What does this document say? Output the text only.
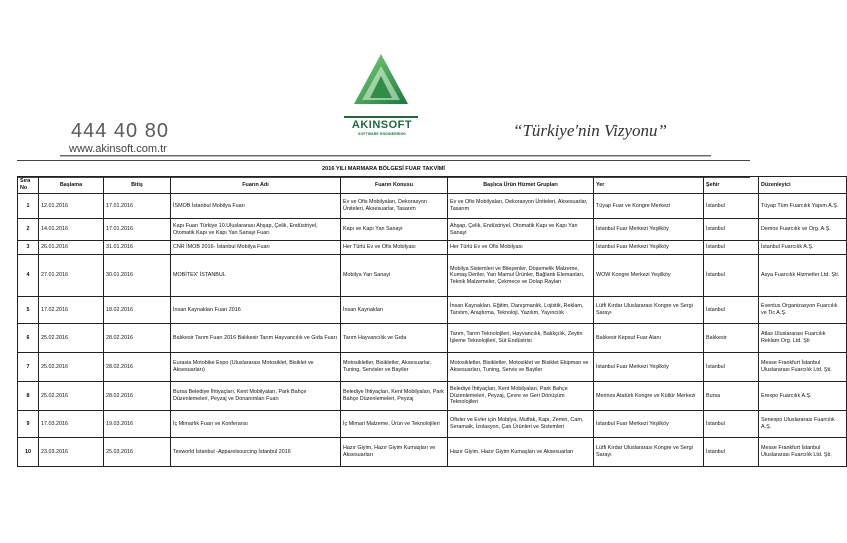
AKINSOFT
SOFTWARE ENGINEERING
444 40 80
www.akinsoft.com.tr
“Türkiye'nin Vizyonu”
2016 YILI MARMARA BÖLGESİ FUAR TAKVİMİ
Sıra No	Başlama	Bitiş	Fuarın Adı	Fuarın Konusu	Başlıca Ürün Hizmet Grupları	Yer	Şehir	Düzenleyici
1	12.01.2016	17.01.2016	İSMOB İstanbul Mobilya Fuarı	Ev ve Ofis Mobilyaları, Dekorasyon Üniteleri, Aksesuarlar, Tasarım	Ev ve Ofis Mobilyaları, Dekorasyon Üniteleri, Aksesuarlar, Tasarım	Tüyap Fuar ve Kongre Merkezi	İstanbul	Tüyap Tüm Fuarcılık Yapım A.Ş.
2	14.01.2016	17.01.2016	Kapı Fuarı Türkiye 10.Uluslararası Ahşap, Çelik, Endüstriyel, Otomatik Kapı ve Kapı Yan Sanayi Fuarı	Kapı ve Kapı Yan Sanayi	Ahşap, Çelik, Endüstriyel, Otomatik Kapı ve Kapı Yan Sanayi	İstanbul Fuar Merkezi Yeşilköy	İstanbul	Demos Fuarcılık ve Org. A.Ş.
3	26.01.2016	31.01.2016	CNR İMOB 2016- İstanbul Mobilya Fuarı	Her Türlü Ev ve Ofis Mobilyası	Her Türlü Ev ve Ofis Mobilyası	İstanbul Fuar Merkezi Yeşilköy	İstanbul	İstanbul Fuarcılık A.Ş.
4	27.01.2016	30.01.2016	MOBİTEX' İSTANBUL	Mobilya Yan Sanayi	Mobilya Sistemleri ve Bileşenler, Döşemelik Malzeme, Kumaş Deriler, Yarı Mamul Ürünler, Bağlantı Elemanları, Teknik Malzemeler, Çekmece ve Dolap Rayları	WOW Kongre Merkezi Yeşilköy	İstanbul	Asya Fuarcılık Hizmetler Ltd. Şti.
5	17.02.2016	18.02.2016	İnsan Kaynakları Fuarı 2016	İnsan Kaynakları	İnsan Kaynakları, Eğitim, Danışmanlık, Lojistik, Reklam, Tanıtım, Araştırma, Teknoloji, Yazılım, Yayıncılık	Lütfi Kırdar Uluslararası Kongre ve Sergi Sarayı	İstanbul	Eventus Organizasyon Fuarcılık ve Tic A.Ş.
6	25.02.2016	28.02.2016	Balıkesir Tarım Fuarı 2016 Balıkesir Tarım Hayvancılık ve Gıda Fuarı	Tarım Hayvancılık ve Gıda	Tarım, Tarım Teknolojileri, Hayvancılık, Balıkçılık, Zeytin İşleme Teknolojileri, Süt Endüstrisi	Balıkesir Kepsut Fuar Alanı	Balıkesir	Atlas Uluslararası Fuarcılık Reklam Org. Ltd. Şti
7	25.02.2016	28.02.2016	Eurasia Motobike Expo (Uluslararası Motosiklet, Bisiklet ve Aksesuarları)	Motosikletler, Bisikletler, Aksesuarlar, Tuning, Servisler ve Bayiler	Motosikletler, Bisikletler, Motosiklet ve Bisiklet Ekipman ve Aksesuarları, Tuning, Servis ve Bayiler	İstanbul Fuar Merkezi Yeşilköy	İstanbul	Messe Frankfurt İstanbul Uluslararası Fuarcılık Ltd. Şti.
8	25.02.2016	28.02.2016	Bursa Belediye İhtiyaçları, Kent Mobilyaları, Park Bahçe Düzenlemeleri, Peyzaj ve Donanımları Fuarı	Belediye İhtiyaçları, Kent Mobilyaları, Park Bahçe Düzenlemeleri, Peyzaj	Belediye İhtiyaçları, Kent Mobilyaları, Park Bahçe Düzenlemeleri, Peyzaj, Çevre ve Geri Dönüşüm Teknolojileri	Merinos Atatürk Kongre ve Kültür Merkezi	Bursa	Erexpo Fuarcılık A.Ş.
9	17.03.2016	19.03.2016	İç Mimarlık Fuarı ve Konferansı	İç Mimari Malzeme, Ürün ve Teknolojileri	Ofisler ve Evler için Mobilya, Mutfak, Kapı, Zemin, Cam, Seramaik, İzolasyon, Çatı Ürünleri ve Sistemleri	İstanbul Fuar Merkezi Yeşilköy	İstanbul	Senexpo Uluslararası Fuarcılık A.Ş.
10	23.03.2016	25.03.2016	Texworld İstanbul -Apparelsourcing İstanbul 2016	Hazır Giyim, Hazır Giyim Kumaşları ve Aksesuarları	Hazır Giyim, Hazır Giyim Kumaşları ve Aksesuarları	Lütfi Kırdar Uluslararası Kongre ve Sergi Sarayı	İstanbul	Messe Frankfurt İstanbul Uluslararası Fuarcılık Ltd. Şti.
